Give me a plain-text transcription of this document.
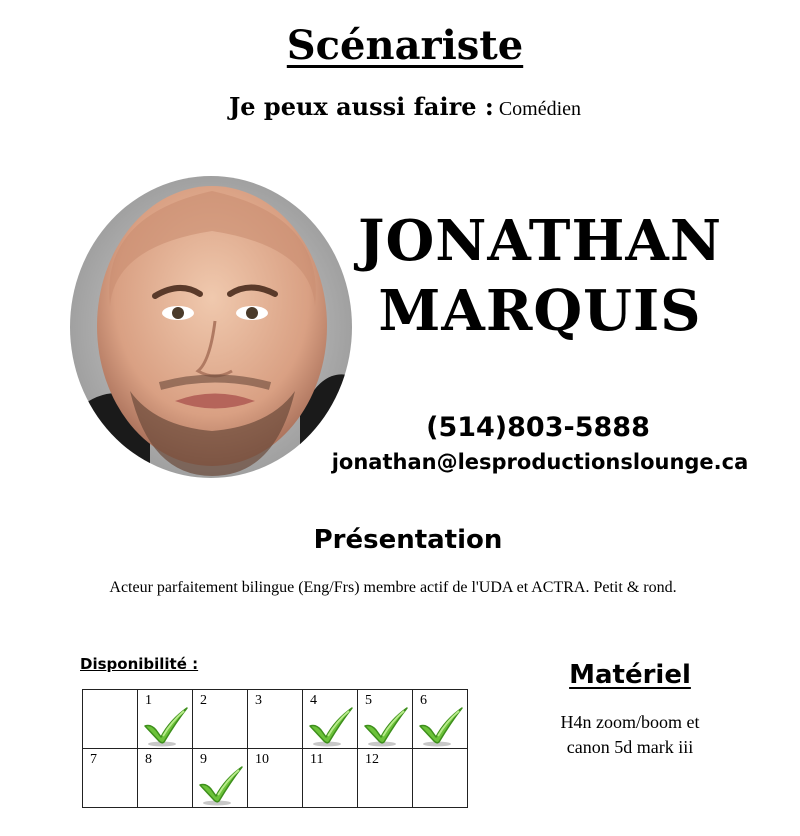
Scénariste
Je peux aussi faire : Comédien
JONATHAN
MARQUIS
(514)803-5888
jonathan@lesproductionslounge.ca
Présentation
Acteur parfaitement bilingue (Eng/Frs) membre actif de l'UDA et ACTRA. Petit & rond.
Disponibilité :

	1	2	3	4	5	6

7	8	9	10	11	12	

Matériel
H4n zoom/boom et
canon 5d mark iii
